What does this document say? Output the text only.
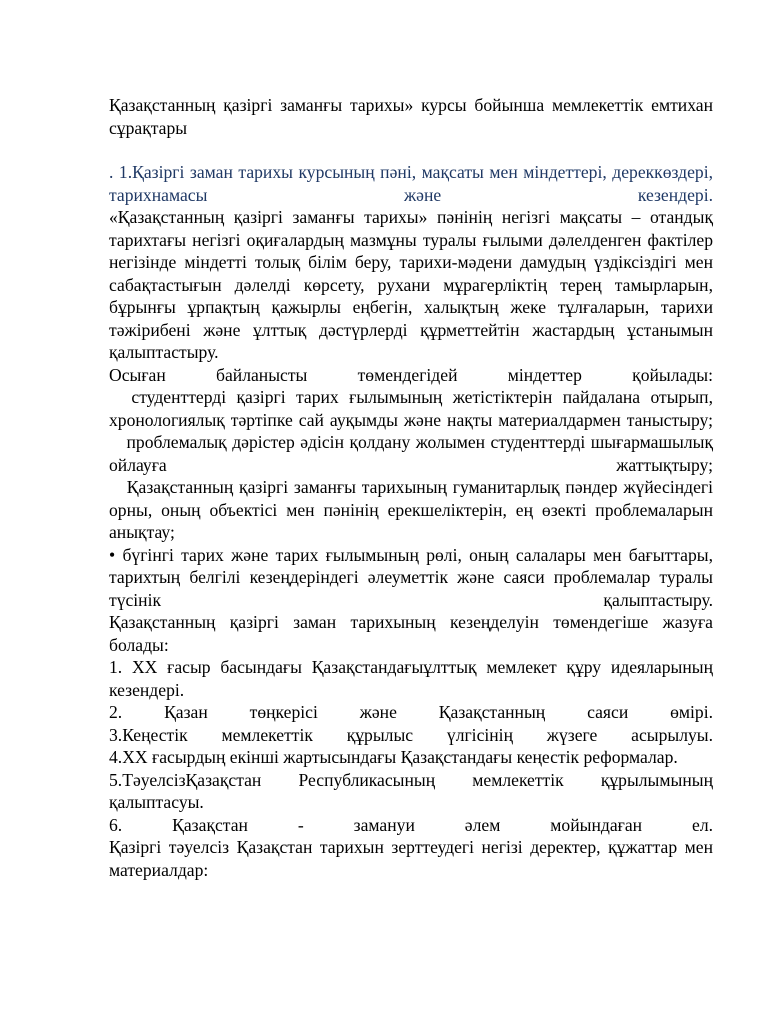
Қазақстанның қазіргі заманғы тарихы» курсы бойынша мемлекеттік емтихан сұрақтары

. 1.Қазіргі заман тарихы курсының пәні, мақсаты мен міндеттері, дереккөздері, тарихнамасы және кезендері.

«Қазақстанның қазіргі заманғы тарихы» пәнінің негізгі мақсаты – отандық тарихтағы негізгі оқиғалардың мазмұны туралы ғылыми дәлелденген фактілер негізінде міндетті толық білім беру, тарихи-мәдени дамудың үздіксіздігі мен сабақтастығын дәлелді көрсету, рухани мұрагерліктің терең тамырларын, бұрынғы ұрпақтың қажырлы еңбегін, халықтың жеке тұлғаларын, тарихи тәжірибені және ұлттық дәстүрлерді құрметтейтін жастардың ұстанымын қалыптастыру.

Осыған байланысты төмендегідей міндеттер қойылады:

студенттерді қазіргі тарих ғылымының жетістіктерін пайдалана отырып, хронологиялық тәртіпке сай ауқымды және нақты материалдармен таныстыру;

проблемалық дәрістер әдісін қолдану жолымен студенттерді шығармашылық ойлауға жаттықтыру;

Қазақстанның қазіргі заманғы тарихының гуманитарлық пәндер жүйесіндегі орны, оның объектісі мен пәнінің ерекшеліктерін, ең өзекті проблемаларын анықтау;

• бүгінгі тарих және тарих ғылымының рөлі, оның салалары мен бағыттары, тарихтың белгілі кезеңдеріндегі әлеуметтік және саяси проблемалар туралы түсінік қалыптастыру.

Қазақстанның қазіргі заман тарихының кезеңделуін төмендегіше жазуға болады:

1. ХХ ғасыр басындағы Қазақстандағыұлттық мемлекет құру идеяларының кезендері.

2. Қазан төңкерісі және Қазақстанның саяси өмірі.

3.Кеңестік мемлекеттік құрылыс үлгісінің жүзеге асырылуы.

4.ХХ ғасырдың екінші жартысындағы Қазақстандағы кеңестік реформалар.

5.ТәуелсізҚазақстан Республикасының мемлекеттік құрылымының қалыптасуы.

6. Қазақстан - замануи әлем мойындаған ел.

Қазіргі тәуелсіз Қазақстан тарихын зерттеудегі негізі деректер, құжаттар мен материалдар:
